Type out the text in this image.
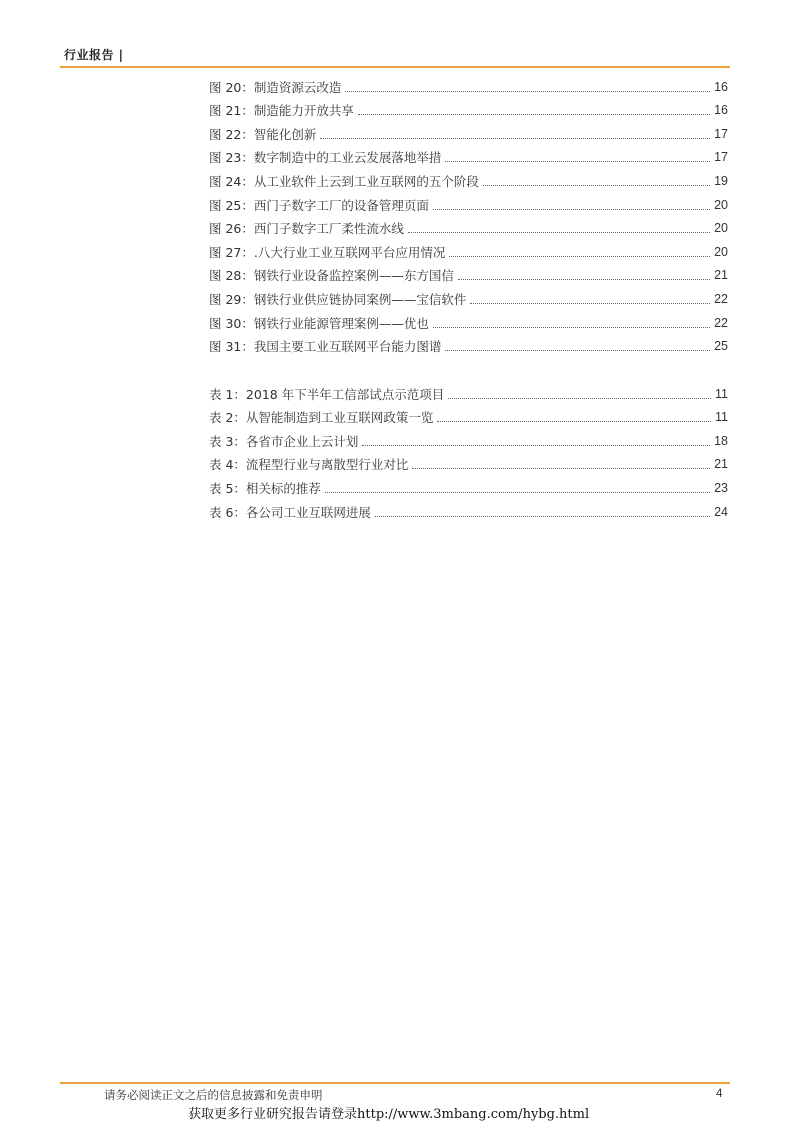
行业报告 |
图 20：制造资源云改造	16
图 21：制造能力开放共享	16
图 22：智能化创新	17
图 23：数字制造中的工业云发展落地举措	17
图 24：从工业软件上云到工业互联网的五个阶段	19
图 25：西门子数字工厂的设备管理页面	20
图 26：西门子数字工厂柔性流水线	20
图 27：.八大行业工业互联网平台应用情况	20
图 28：钢铁行业设备监控案例——东方国信	21
图 29：钢铁行业供应链协同案例——宝信软件	22
图 30：钢铁行业能源管理案例——优也	22
图 31：我国主要工业互联网平台能力图谱	25
表 1：2018 年下半年工信部试点示范项目	11
表 2：从智能制造到工业互联网政策一览	11
表 3：各省市企业上云计划	18
表 4：流程型行业与离散型行业对比	21
表 5：相关标的推荐	23
表 6：各公司工业互联网进展	24
请务必阅读正文之后的信息披露和免责申明	4
获取更多行业研究报告请登录http://www.3mbang.com/hybg.html
